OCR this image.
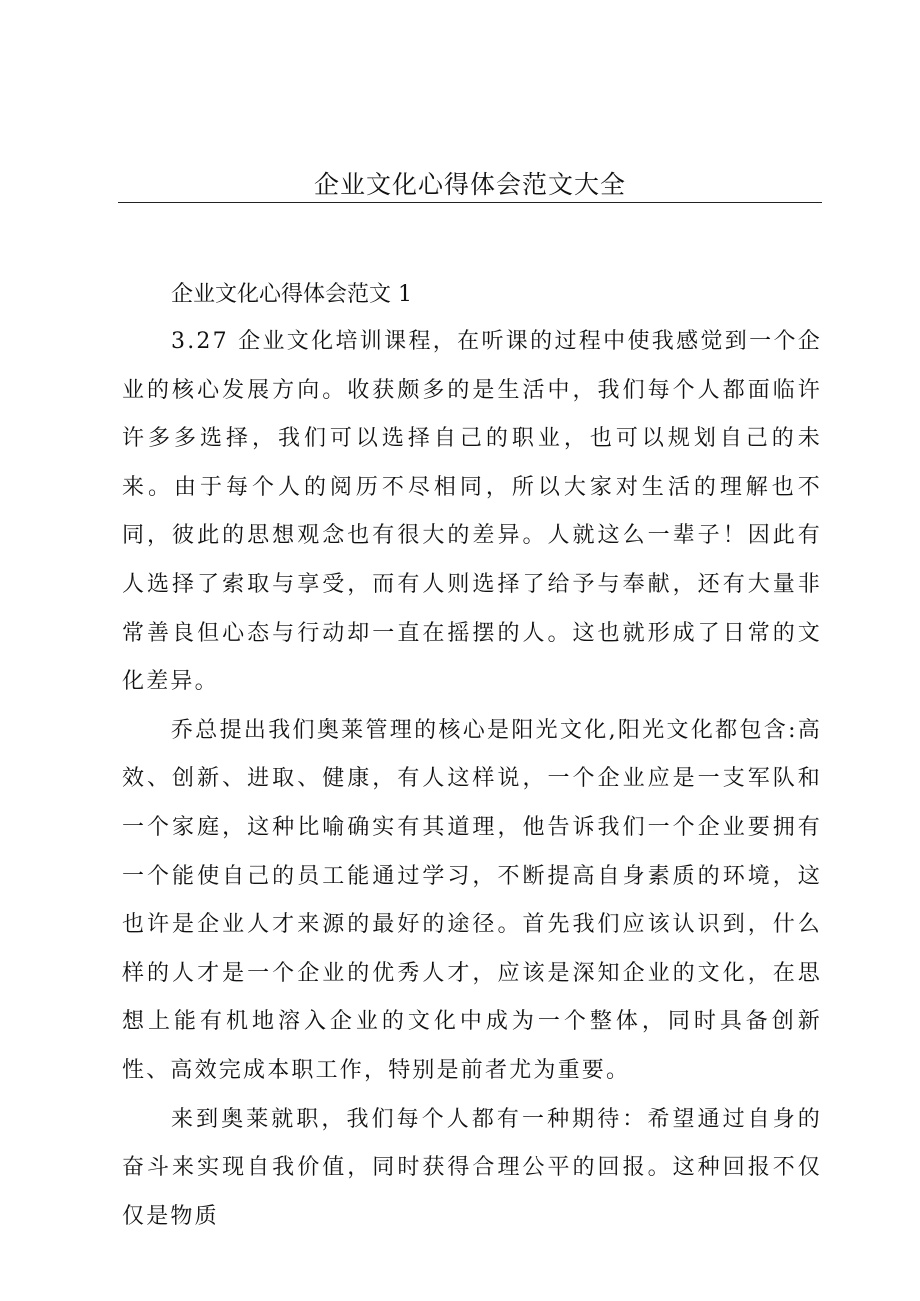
企业文化心得体会范文大全
企业文化心得体会范文 1

3.27 企业文化培训课程，在听课的过程中使我感觉到一个企业的核心发展方向。收获颇多的是生活中，我们每个人都面临许许多多选择，我们可以选择自己的职业，也可以规划自己的未来。由于每个人的阅历不尽相同，所以大家对生活的理解也不同，彼此的思想观念也有很大的差异。人就这么一辈子！因此有人选择了索取与享受，而有人则选择了给予与奉献，还有大量非常善良但心态与行动却一直在摇摆的人。这也就形成了日常的文化差异。

乔总提出我们奥莱管理的核心是阳光文化,阳光文化都包含:高效、创新、进取、健康，有人这样说，一个企业应是一支军队和一个家庭，这种比喻确实有其道理，他告诉我们一个企业要拥有一个能使自己的员工能通过学习，不断提高自身素质的环境，这也许是企业人才来源的最好的途径。首先我们应该认识到，什么样的人才是一个企业的优秀人才，应该是深知企业的文化，在思想上能有机地溶入企业的文化中成为一个整体，同时具备创新性、高效完成本职工作，特别是前者尤为重要。

来到奥莱就职，我们每个人都有一种期待：希望通过自身的奋斗来实现自我价值，同时获得合理公平的回报。这种回报不仅仅是物质
